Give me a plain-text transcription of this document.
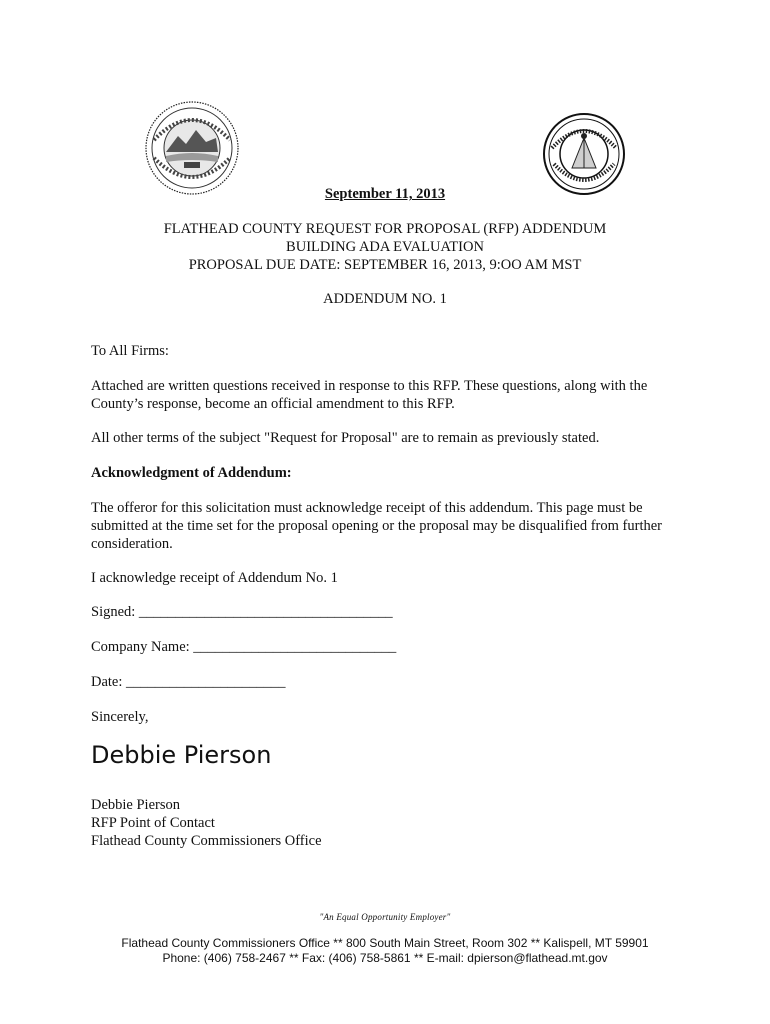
September 11, 2013
FLATHEAD COUNTY REQUEST FOR PROPOSAL (RFP) ADDENDUM
BUILDING ADA EVALUATION
PROPOSAL DUE DATE: SEPTEMBER 16, 2013, 9:OO AM MST
ADDENDUM NO. 1
To All Firms:
Attached are written questions received in response to this RFP. These questions, along with the
County’s response, become an official amendment to this RFP.
All other terms of the subject "Request for Proposal" are to remain as previously stated.
Acknowledgment of Addendum:
The offeror for this solicitation must acknowledge receipt of this addendum. This page must be
submitted at the time set for the proposal opening or the proposal may be disqualified from further
consideration.
I acknowledge receipt of Addendum No. 1
Signed: ___________________________________
Company Name: ____________________________
Date: ______________________
Sincerely,
Debbie Pierson
Debbie Pierson
RFP Point of Contact
Flathead County Commissioners Office
"An Equal Opportunity Employer"
Flathead County Commissioners Office ** 800 South Main Street, Room 302 ** Kalispell, MT 59901
Phone: (406) 758-2467 ** Fax: (406) 758-5861 ** E-mail: dpierson@flathead.mt.gov
